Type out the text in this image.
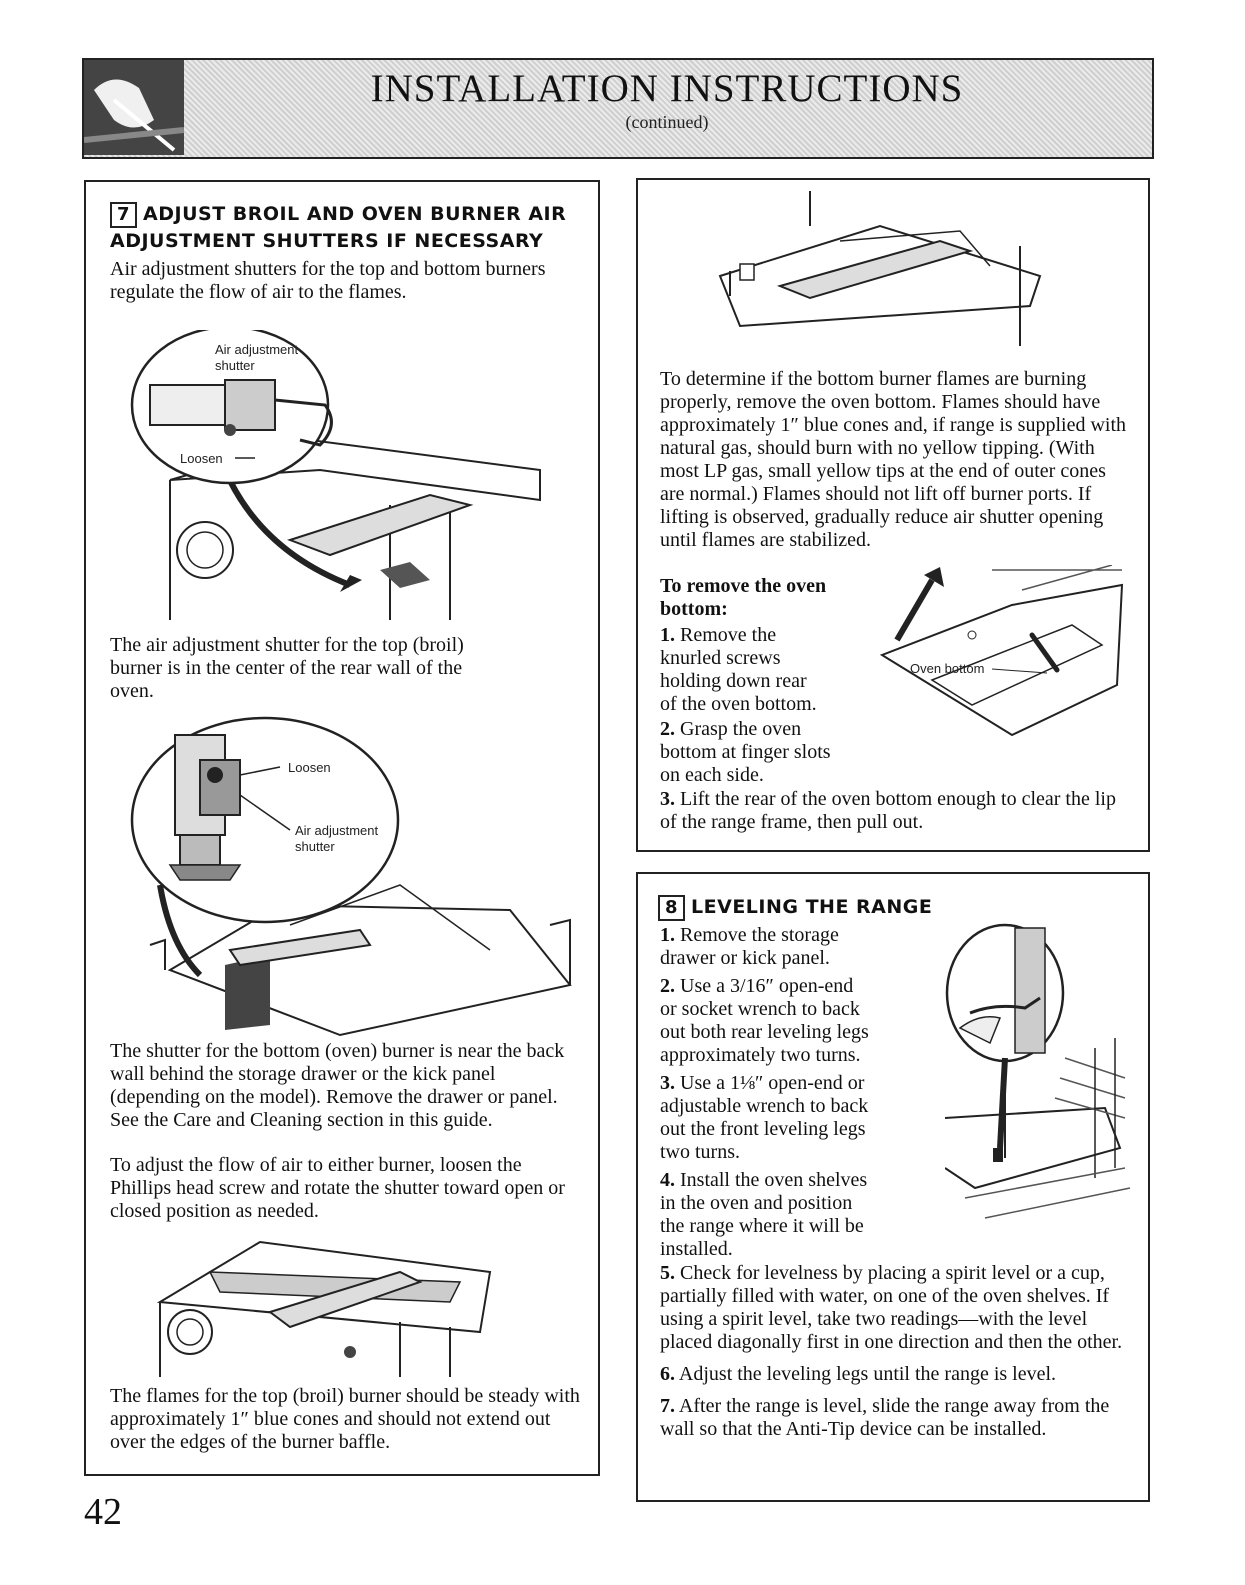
INSTALLATION INSTRUCTIONS
(continued)
7 ADJUST BROIL AND OVEN BURNER AIR
ADJUSTMENT SHUTTERS IF NECESSARY

Air adjustment shutters for the top and bottom burners regulate the flow of air to the flames.

Air adjustment
shutter
Loosen

The air adjustment shutter for the top (broil) burner is in the center of the rear wall of the oven.

Loosen
Air adjustment
shutter

The shutter for the bottom (oven) burner is near the back wall behind the storage drawer or the kick panel (depending on the model). Remove the drawer or panel. See the Care and Cleaning section in this guide.

To adjust the flow of air to either burner, loosen the Phillips head screw and rotate the shutter toward open or closed position as needed.

The flames for the top (broil) burner should be steady with approximately 1″ blue cones and should not extend out over the edges of the burner baffle.

42

To determine if the bottom burner flames are burning properly, remove the oven bottom. Flames should have approximately 1″ blue cones and, if range is supplied with natural gas, should burn with no yellow tipping. (With most LP gas, small yellow tips at the end of outer cones are normal.) Flames should not lift off burner ports. If lifting is observed, gradually reduce air shutter opening until flames are stabilized.

To remove the oven

bottom:

1. Remove the

knurled screws

holding down rear

of the oven bottom.

2. Grasp the oven

bottom at finger slots

on each side.

Oven bottom

3. Lift the rear of the oven bottom enough to clear the lip of the range frame, then pull out.

8 LEVELING THE RANGE

1. Remove the storage

drawer or kick panel.

2. Use a 3/16″ open-end

or socket wrench to back

out both rear leveling legs

approximately two turns.

3. Use a 1⅛″ open-end or

adjustable wrench to back

out the front leveling legs

two turns.

4. Install the oven shelves

in the oven and position

the range where it will be

installed.

5. Check for levelness by placing a spirit level or a cup, partially filled with water, on one of the oven shelves. If using a spirit level, take two readings—with the level placed diagonally first in one direction and then the other.

6. Adjust the leveling legs until the range is level.

7. After the range is level, slide the range away from the wall so that the Anti-Tip device can be installed.
